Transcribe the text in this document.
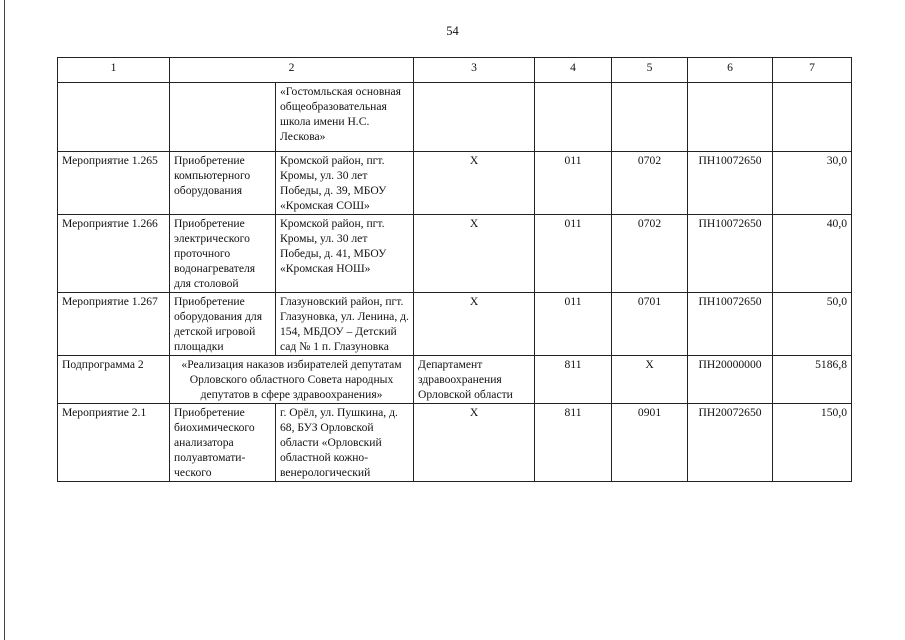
54
1	2		3	4	5	6	7
		«Гостомльская основная общеобразовательная школа имени Н.С. Лескова»					
Мероприятие 1.265	Приобретение компьютерного оборудования	Кромской район, пгт. Кромы, ул. 30 лет Победы, д. 39, МБОУ «Кромская СОШ»	Х	011	0702	ПН10072650	30,0
Мероприятие 1.266	Приобретение электрического проточного водонагревателя для столовой	Кромской район, пгт. Кромы, ул. 30 лет Победы, д. 41, МБОУ «Кромская НОШ»	Х	011	0702	ПН10072650	40,0
Мероприятие 1.267	Приобретение оборудования для детской игровой площадки	Глазуновский район, пгт. Глазуновка, ул. Ленина, д. 154, МБДОУ – Детский сад № 1 п. Глазуновка	Х	011	0701	ПН10072650	50,0
Подпрограмма 2	«Реализация наказов избирателей депутатам Орловского областного Совета народных депутатов в сфере здравоохранения»		Департамент здравоохранения Орловской области	811	Х	ПН20000000	5186,8
Мероприятие 2.1	Приобретение биохимического анализатора полуавтомати-ческого	г. Орёл, ул. Пушкина, д. 68, БУЗ Орловской области «Орловский областной кожно-венерологический	Х	811	0901	ПН20072650	150,0
